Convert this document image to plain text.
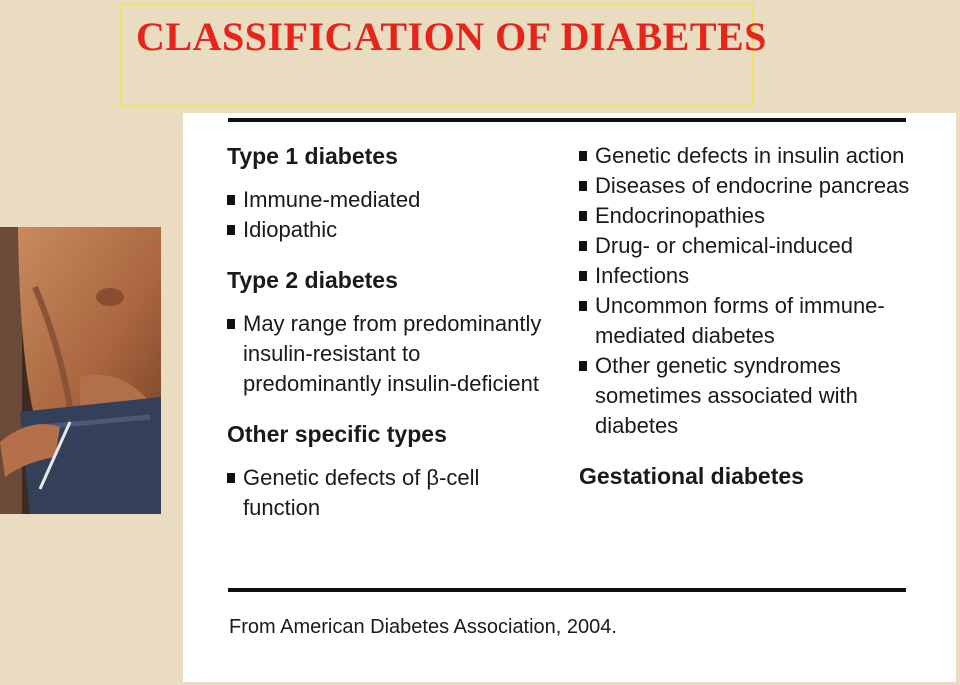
CLASSIFICATION OF DIABETES

Type 1 diabetes

Immune-mediated

Idiopathic

Type 2 diabetes

May range from predominantly insulin-resistant to predominantly insulin-deficient

Other specific types

Genetic defects of β-cell function

Genetic defects in insulin action

Diseases of endocrine pancreas

Endocrinopathies

Drug- or chemical-induced

Infections

Uncommon forms of immune-mediated diabetes

Other genetic syndromes sometimes associated with diabetes

Gestational diabetes

From American Diabetes Association, 2004.
